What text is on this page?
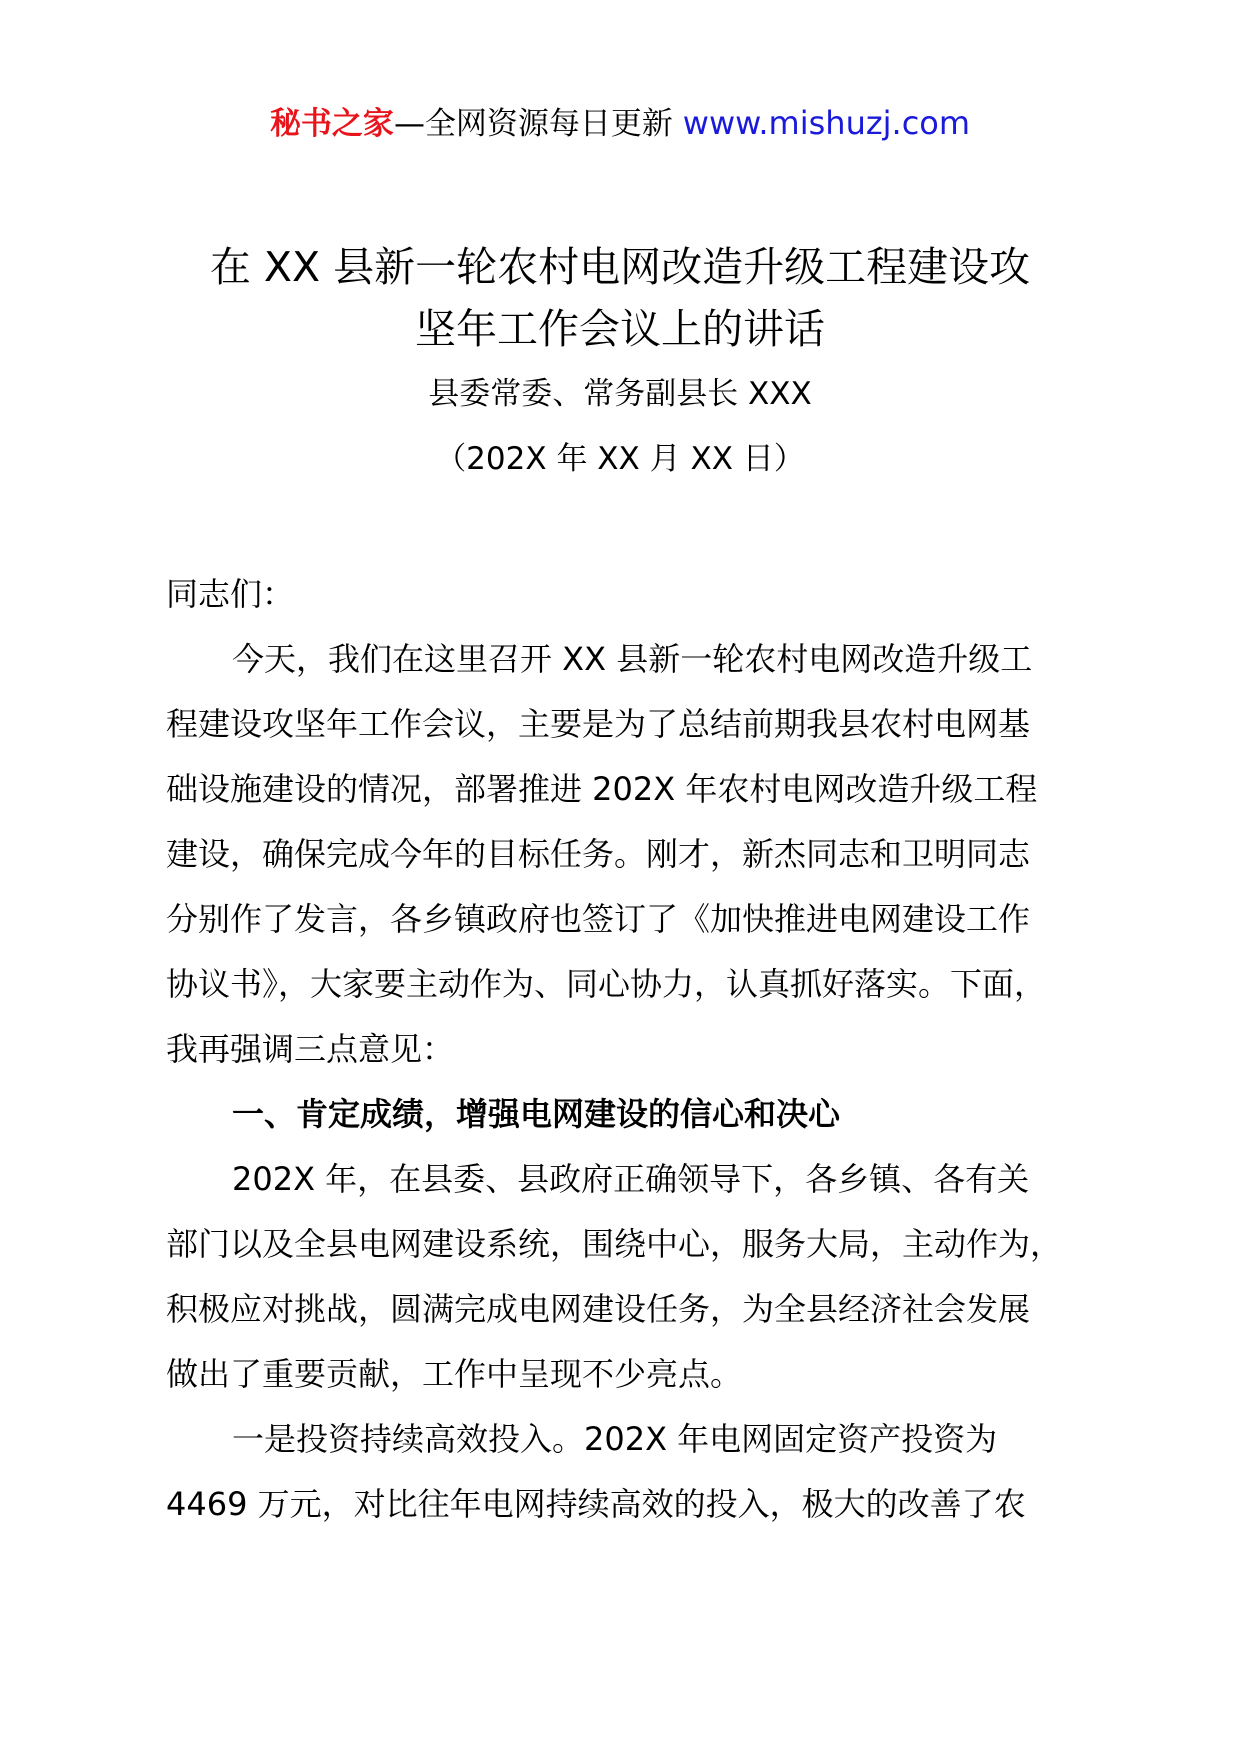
秘书之家—全网资源每日更新 www.mishuzj.com
在 XX 县新一轮农村电网改造升级工程建设攻
坚年工作会议上的讲话
县委常委、常务副县长 XXX
（202X 年 XX 月 XX 日）
同志们：
今天，我们在这里召开 XX 县新一轮农村电网改造升级工
程建设攻坚年工作会议，主要是为了总结前期我县农村电网基
础设施建设的情况，部署推进 202X 年农村电网改造升级工程
建设，确保完成今年的目标任务。刚才，新杰同志和卫明同志
分别作了发言，各乡镇政府也签订了《加快推进电网建设工作
协议书》，大家要主动作为、同心协力，认真抓好落实。下面，
我再强调三点意见：
一、肯定成绩，增强电网建设的信心和决心
202X 年，在县委、县政府正确领导下，各乡镇、各有关
部门以及全县电网建设系统，围绕中心，服务大局，主动作为，
积极应对挑战，圆满完成电网建设任务，为全县经济社会发展
做出了重要贡献，工作中呈现不少亮点。
一是投资持续高效投入。202X 年电网固定资产投资为
4469 万元，对比往年电网持续高效的投入，极大的改善了农
